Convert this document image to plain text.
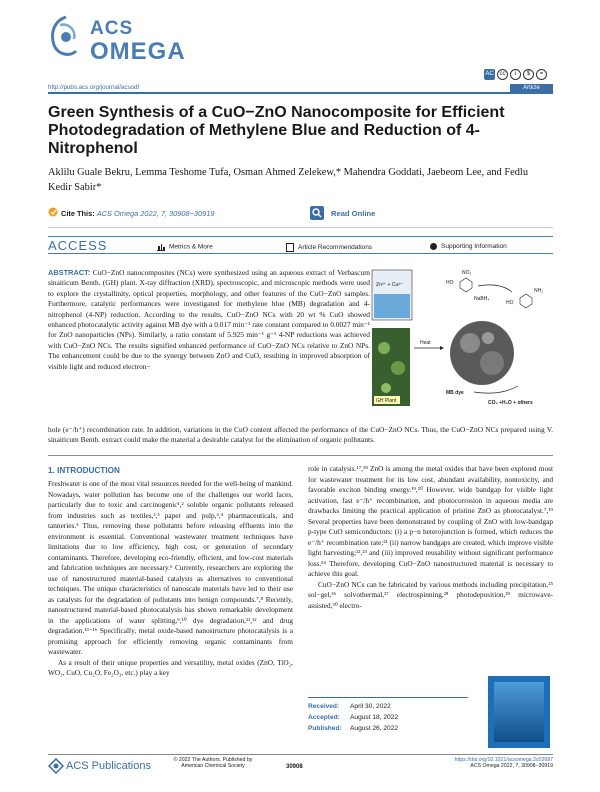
ACS
OMEGA
AC cc i $ =
http://pubs.acs.org/journal/acsodf	Article
Green Synthesis of a CuO−ZnO Nanocomposite for Efficient Photodegradation of Methylene Blue and Reduction of 4-Nitrophenol
Aklilu Guale Bekru, Lemma Teshome Tufa, Osman Ahmed Zelekew,* Mahendra Goddati, Jaebeom Lee, and Fedlu Kedir Sabir*
Cite This: ACS Omega 2022, 7, 30908−30919	Read Online
ACCESS	Metrics & More	Article Recommendations	Supporting Information
ABSTRACT: CuO−ZnO nanocomposites (NCs) were synthesized using an aqueous extract of Verbascum sinaiticum Benth. (GH) plant. X-ray diffraction (XRD), spectroscopic, and microscopic methods were used to explore the crystallinity, optical properties, morphology, and other features of the CuO−ZnO samples. Furthermore, catalytic performances were investigated for methylene blue (MB) degradation and 4-nitrophenol (4-NP) reduction. According to the results, CuO−ZnO NCs with 20 wt % CuO showed enhanced photocatalytic activity against MB dye with a 0.017 min⁻¹ rate constant compared to 0.0027 min⁻¹ for ZnO nanoparticles (NPs). Similarly, a ratio constant of 5.925 min⁻¹ g⁻¹ 4-NP reductions was achieved with CuO−ZnO NCs. The results signified enhanced performance of CuO−ZnO NCs relative to ZnO NPs. The enhancement could be due to the synergy between ZnO and CuO, resulting in improved absorption of visible light and reduced electron−
hole (e⁻/h⁺) recombination rate. In addition, variations in the CuO content affected the performance of the CuO−ZnO NCs. Thus, the CuO−ZnO NCs prepared using V. sinaiticum Benth. extract could make the material a desirable catalyst for the elimination of organic pollutants.
Zn²⁺ + Cu²⁺
GH Plant
Heat
HO
NO₂
NaBH₄
HO
NH₂
MB dye
CO₂ +H₂O + others
1. INTRODUCTION

Freshwater is one of the most vital resources needed for the well-being of mankind. Nowadays, water pollution has become one of the challenges our world faces, particularly due to toxic and carcinogenic¹,² soluble organic pollutants released from industries such as textiles,²,³ paper and pulp,³,⁴ pharmaceuticals, and tanneries.⁵ Thus, removing these pollutants before releasing effluents into the environment is essential. Conventional wastewater treatment techniques have limitations due to low efficiency, high cost, or generation of secondary contaminants. Therefore, developing eco-friendly, efficient, and low-cost materials and fabrication techniques are necessary.⁶ Currently, researchers are exploring the use of nanostructured material-based catalysts as alternatives to conventional techniques. The unique characteristics of nanoscale materials have led to their use as catalysts for the degradation of pollutants into benign compounds.⁷,⁸ Recently, nanostructured material-based photocatalysis has shown remarkable development in the applications of water splitting,⁹,¹⁰ dye degradation,¹¹,¹² and drug degradation.¹³⁻¹⁶ Specifically, metal oxide-based nanostructure photocatalysis is a promising approach for efficiently removing organic contaminants from wastewater.

As a result of their unique properties and versatility, metal oxides (ZnO, TiO₂, WO₃, CuO, Cu₂O, Fe₂O₃, etc.) play a key

role in catalysis.¹⁷,¹⁸ ZnO is among the metal oxides that have been explored most for wastewater treatment for its low cost, abundant availability, nontoxicity, and favorable exciton binding energy.¹⁹,²⁰ However, wide bandgap for visible light activation, fast e⁻/h⁺ recombination, and photocorrosion in aqueous media are drawbacks limiting the practical application of pristine ZnO as photocatalyst.⁷,¹⁹ Several properties have been demonstrated by coupling of ZnO with low-bandgap p-type CuO semiconductors: (i) a p−n heterojunction is formed, which reduces the e⁻/h⁺ recombination rate;²¹ (ii) narrow bandgaps are created, which improve visible light harvesting;²²,²³ and (iii) improved reusability without significant performance loss.²⁴ Therefore, developing CuO−ZnO nanostructured material is necessary to achieve this goal.

CuO−ZnO NCs can be fabricated by various methods including precipitation,²⁵ sol−gel,²⁶ solvothermal,²⁷ electrospinning,²⁸ photodeposition,²⁹ microwave-assisted,³⁰ electro-

Received: April 30, 2022
Accepted: August 18, 2022
Published: August 26, 2022
ACS Publications	© 2022 The Authors. Published by American Chemical Society	30908
https://doi.org/10.1021/acsomega.2c02687
ACS Omega 2022, 7, 30908−30919
